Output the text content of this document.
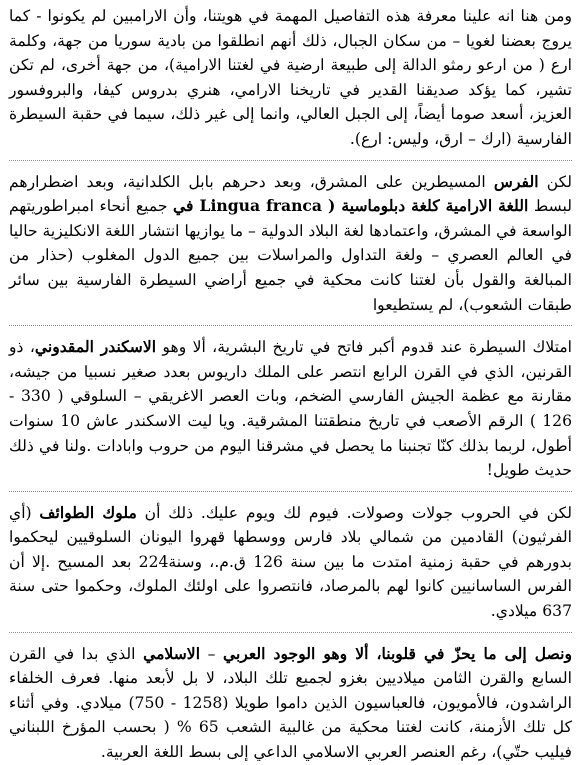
ومن هنا انه علينا معرفة هذه التفاصيل المهمة في هويتنا، وأن الارامبين لم يكونوا - كما يروج بعضنا لغويا – من سكان الجبال، ذلك أنهم انطلقوا من بادية سوريا من جهة، وكلمة ارع ( من ارعو رمثو الدالة إلى طبيعة ارضية في لغتنا الارامية)، من جهة أخرى، لم تكن تشير، كما يؤكد صديقنا القدير في تاريخنا الارامي، هنري بدروس كيفا، والبروفسور العزيز، أسعد صوما أيضاً، إلى الجبل العالي، وانما إلى غير ذلك، سيما في حقبة السيطرة الفارسية (ارك – ارق، وليس: ارع).

لكن الفرس المسيطرين على المشرق، وبعد دحرهم بابل الكلدانية، وبعد اضطرارهم لبسط اللغة الارامية كلغة دبلوماسية ( Lingua franca في جميع أنحاء امبراطوريتهم الواسعة في المشرق، واعتمادها لغة البلاد الدولية – ما يوازيها انتشار اللغة الانكليزية حاليا في العالم العصري – ولغة التداول والمراسلات بين جميع الدول المغلوب (حذار من المبالغة والقول بأن لغتنا كانت محكية في جميع أراضي السيطرة الفارسية بين سائر طبقات الشعوب)، لم يستطيعوا

امتلاك السيطرة عند قدوم أكبر فاتح في تاريخ البشرية، ألا وهو الاسكندر المقدوني، ذو القرنين، الذي في القرن الرابع انتصر على الملك داريوس بعدد صغير نسبيا من جيشه، مقارنة مع عظمة الجيش الفارسي الضخم، وبات العصر الاغريقي – السلوقي ( 330 - 126 ) الرقم الأصعب في تاريخ منطقتنا المشرقية. ويا ليت الاسكندر عاش 10 سنوات أطول، لربما بذلك كنّا تجنبنا ما يحصل في مشرقنا اليوم من حروب وابادات .ولنا في ذلك حديث طويل!

لكن في الحروب جولات وصولات. فيوم لك ويوم عليك. ذلك أن ملوك الطوائف (أي الفرثيون) القادمين من شمالي بلاد فارس ووسطها قهروا اليونان السلوقيين ليحكموا بدورهم في حقبة زمنية امتدت ما بين سنة 126 ق.م.، وسنة224 بعد المسيح .إلا أن الفرس الساسانيين كانوا لهم بالمرصاد، فانتصروا على اولئك الملوك، وحكموا حتى سنة 637 ميلادي.

ونصل إلى ما يحزّ في قلوبنا، ألا وهو الوجود العربي – الاسلامي الذي بدا في القرن السابع والقرن الثامن ميلاديين بغزو لجميع تلك البلاد، لا بل لأبعد منها. فعرف الخلفاء الراشدون، فالأمويون، فالعباسيون الذين داموا طويلا (1258 - 750) ميلادي. وفي أثناء كل تلك الأزمنة، كانت لغتنا محكية من غالبية الشعب 65 % ( بحسب المؤرخ اللبناني فيليب حتّي)، رغم العنصر العربي الاسلامي الداعي إلى بسط اللغة العربية.
